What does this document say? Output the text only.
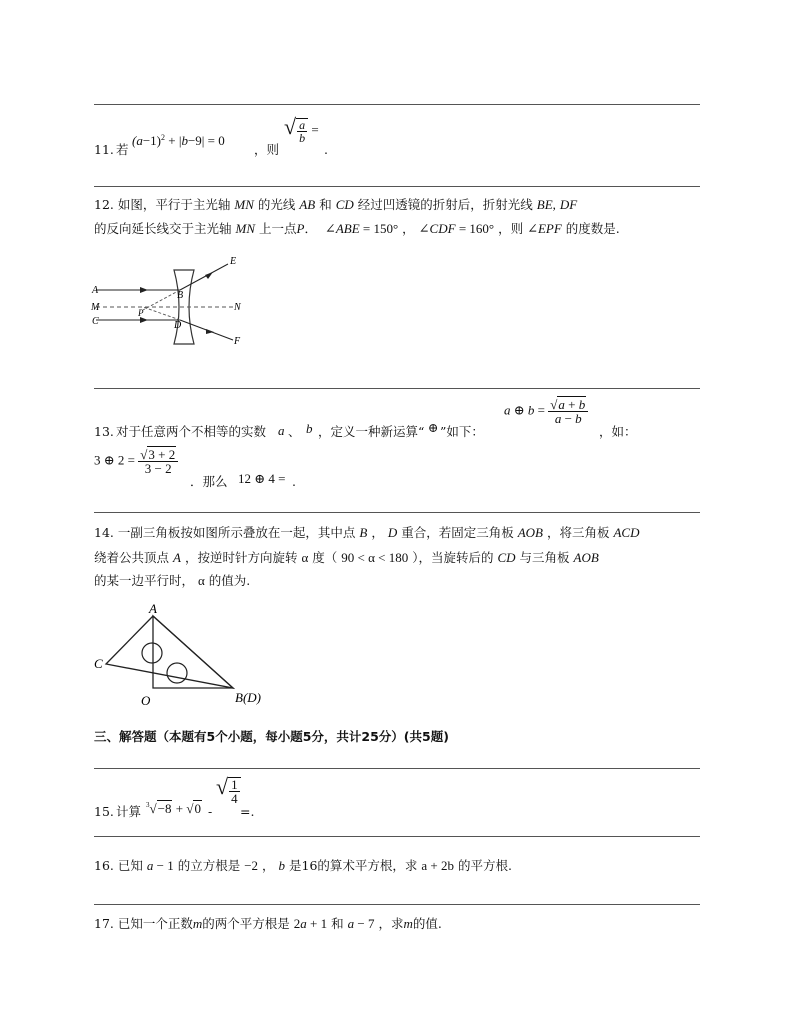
11. 若
$(a-1)^2 + |b-9| = 0$
，则
√ $\frac{a}{b}$ =
.
12. 如图，平行于主光轴 MN 的光线 AB 和 CD 经过凹透镜的折射后，折射光线 BE, DF
的反向延长线交于主光轴 MN 上一点P． ∠ABE = 150° ， ∠CDF = 160° ，则 ∠EPF 的度数是.
A
M
C
B
P
D
E
N
F
13. 对于任意两个不相等的实数 a 、 b ，定义一种新运算“ ⊕ ”如下：
a ⊕ $b = \frac{√a + b}{a - b}$
，如：
3 ⊕ $2 = \frac{√3 + 2}{3 - 2}$
．那么 12 ⊕ 4 = .
14. 一副三角板按如图所示叠放在一起，其中点 B ， D 重合，若固定三角板 AOB ，将三角板 ACD
绕着公共顶点 A ，按逆时针方向旋转 α 度（ 90 < α < 180 ），当旋转后的 CD 与三角板 AOB
的某一边平行时， α 的值为.
A
C
O	B(D)
三、解答题（本题有5个小题，每小题5分，共计25分）(共5题)
15. 计算 $^3$√−8 + √0 -
√ $\frac{1}{4}$
=.
16. 已知 a − 1 的立方根是 −2 ， b 是16的算术平方根，求 a + 2b 的平方根.
17. 已知一个正数m的两个平方根是 2a + 1 和 a − 7 ，求m的值.
